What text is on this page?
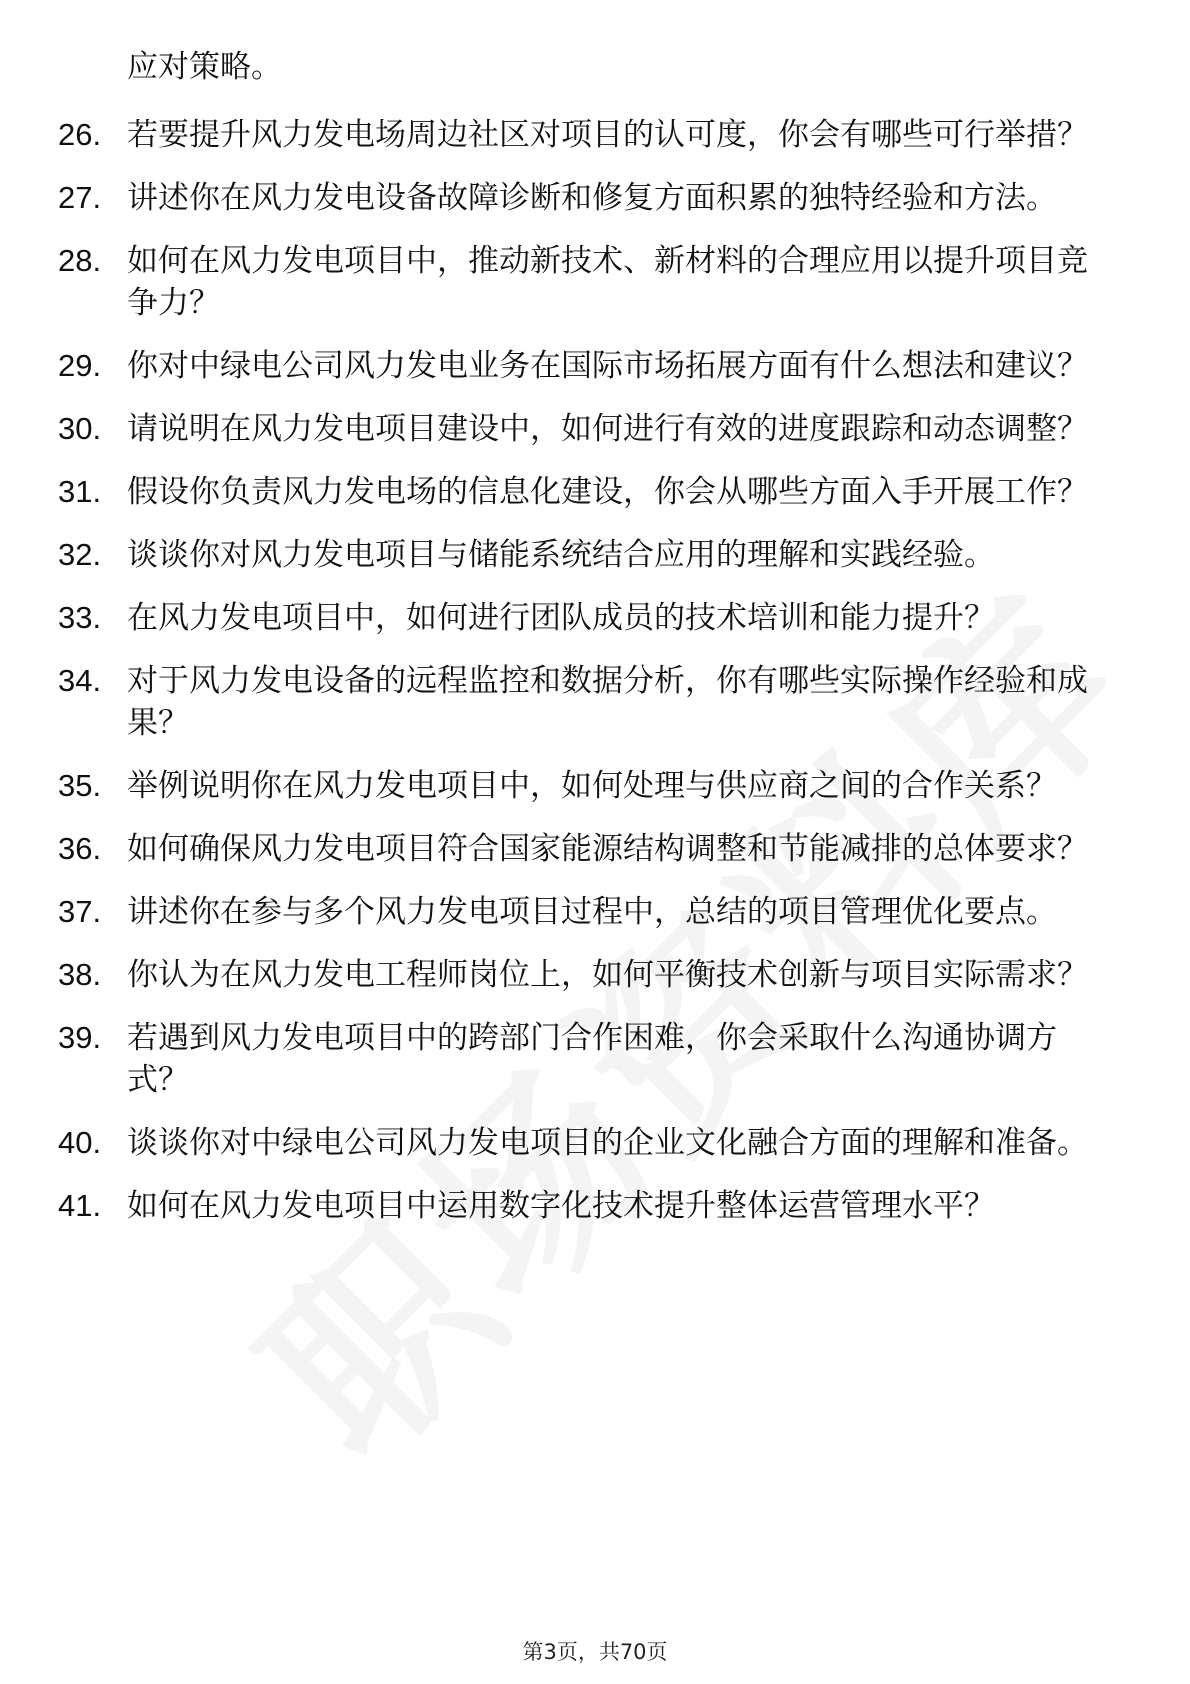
应对策略。
26. 若要提升风力发电场周边社区对项目的认可度，你会有哪些可行举措？
27. 讲述你在风力发电设备故障诊断和修复方面积累的独特经验和方法。
28. 如何在风力发电项目中，推动新技术、新材料的合理应用以提升项目竞争力？
29. 你对中绿电公司风力发电业务在国际市场拓展方面有什么想法和建议？
30. 请说明在风力发电项目建设中，如何进行有效的进度跟踪和动态调整？
31. 假设你负责风力发电场的信息化建设，你会从哪些方面入手开展工作？
32. 谈谈你对风力发电项目与储能系统结合应用的理解和实践经验。
33. 在风力发电项目中，如何进行团队成员的技术培训和能力提升？
34. 对于风力发电设备的远程监控和数据分析，你有哪些实际操作经验和成果？
35. 举例说明你在风力发电项目中，如何处理与供应商之间的合作关系？
36. 如何确保风力发电项目符合国家能源结构调整和节能减排的总体要求？
37. 讲述你在参与多个风力发电项目过程中，总结的项目管理优化要点。
38. 你认为在风力发电工程师岗位上，如何平衡技术创新与项目实际需求？
39. 若遇到风力发电项目中的跨部门合作困难，你会采取什么沟通协调方式？
40. 谈谈你对中绿电公司风力发电项目的企业文化融合方面的理解和准备。
41. 如何在风力发电项目中运用数字化技术提升整体运营管理水平？
第3页，共70页
